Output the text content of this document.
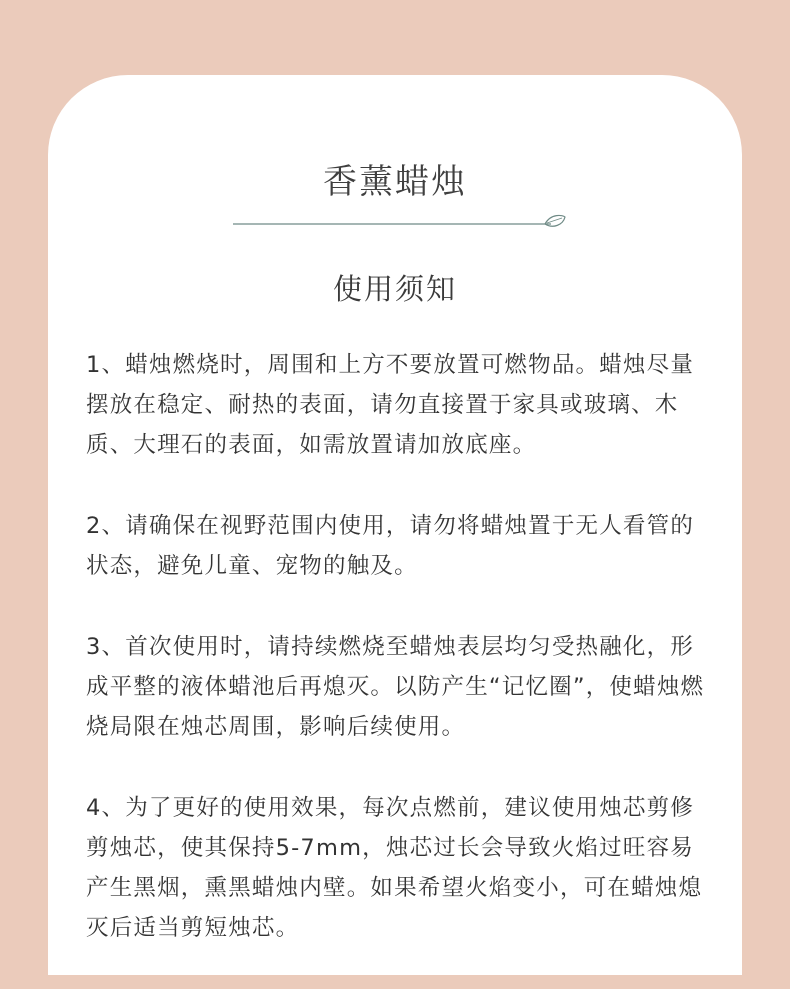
香薰蜡烛
使用须知

1、蜡烛燃烧时，周围和上方不要放置可燃物品。蜡烛尽量摆放在稳定、耐热的表面，请勿直接置于家具或玻璃、木质、大理石的表面，如需放置请加放底座。

2、请确保在视野范围内使用，请勿将蜡烛置于无人看管的状态，避免儿童、宠物的触及。

3、首次使用时，请持续燃烧至蜡烛表层均匀受热融化，形成平整的液体蜡池后再熄灭。以防产生“记忆圈”，使蜡烛燃烧局限在烛芯周围，影响后续使用。

4、为了更好的使用效果，每次点燃前，建议使用烛芯剪修剪烛芯，使其保持5-7mm，烛芯过长会导致火焰过旺容易产生黑烟，熏黑蜡烛内壁。如果希望火焰变小，可在蜡烛熄灭后适当剪短烛芯。
